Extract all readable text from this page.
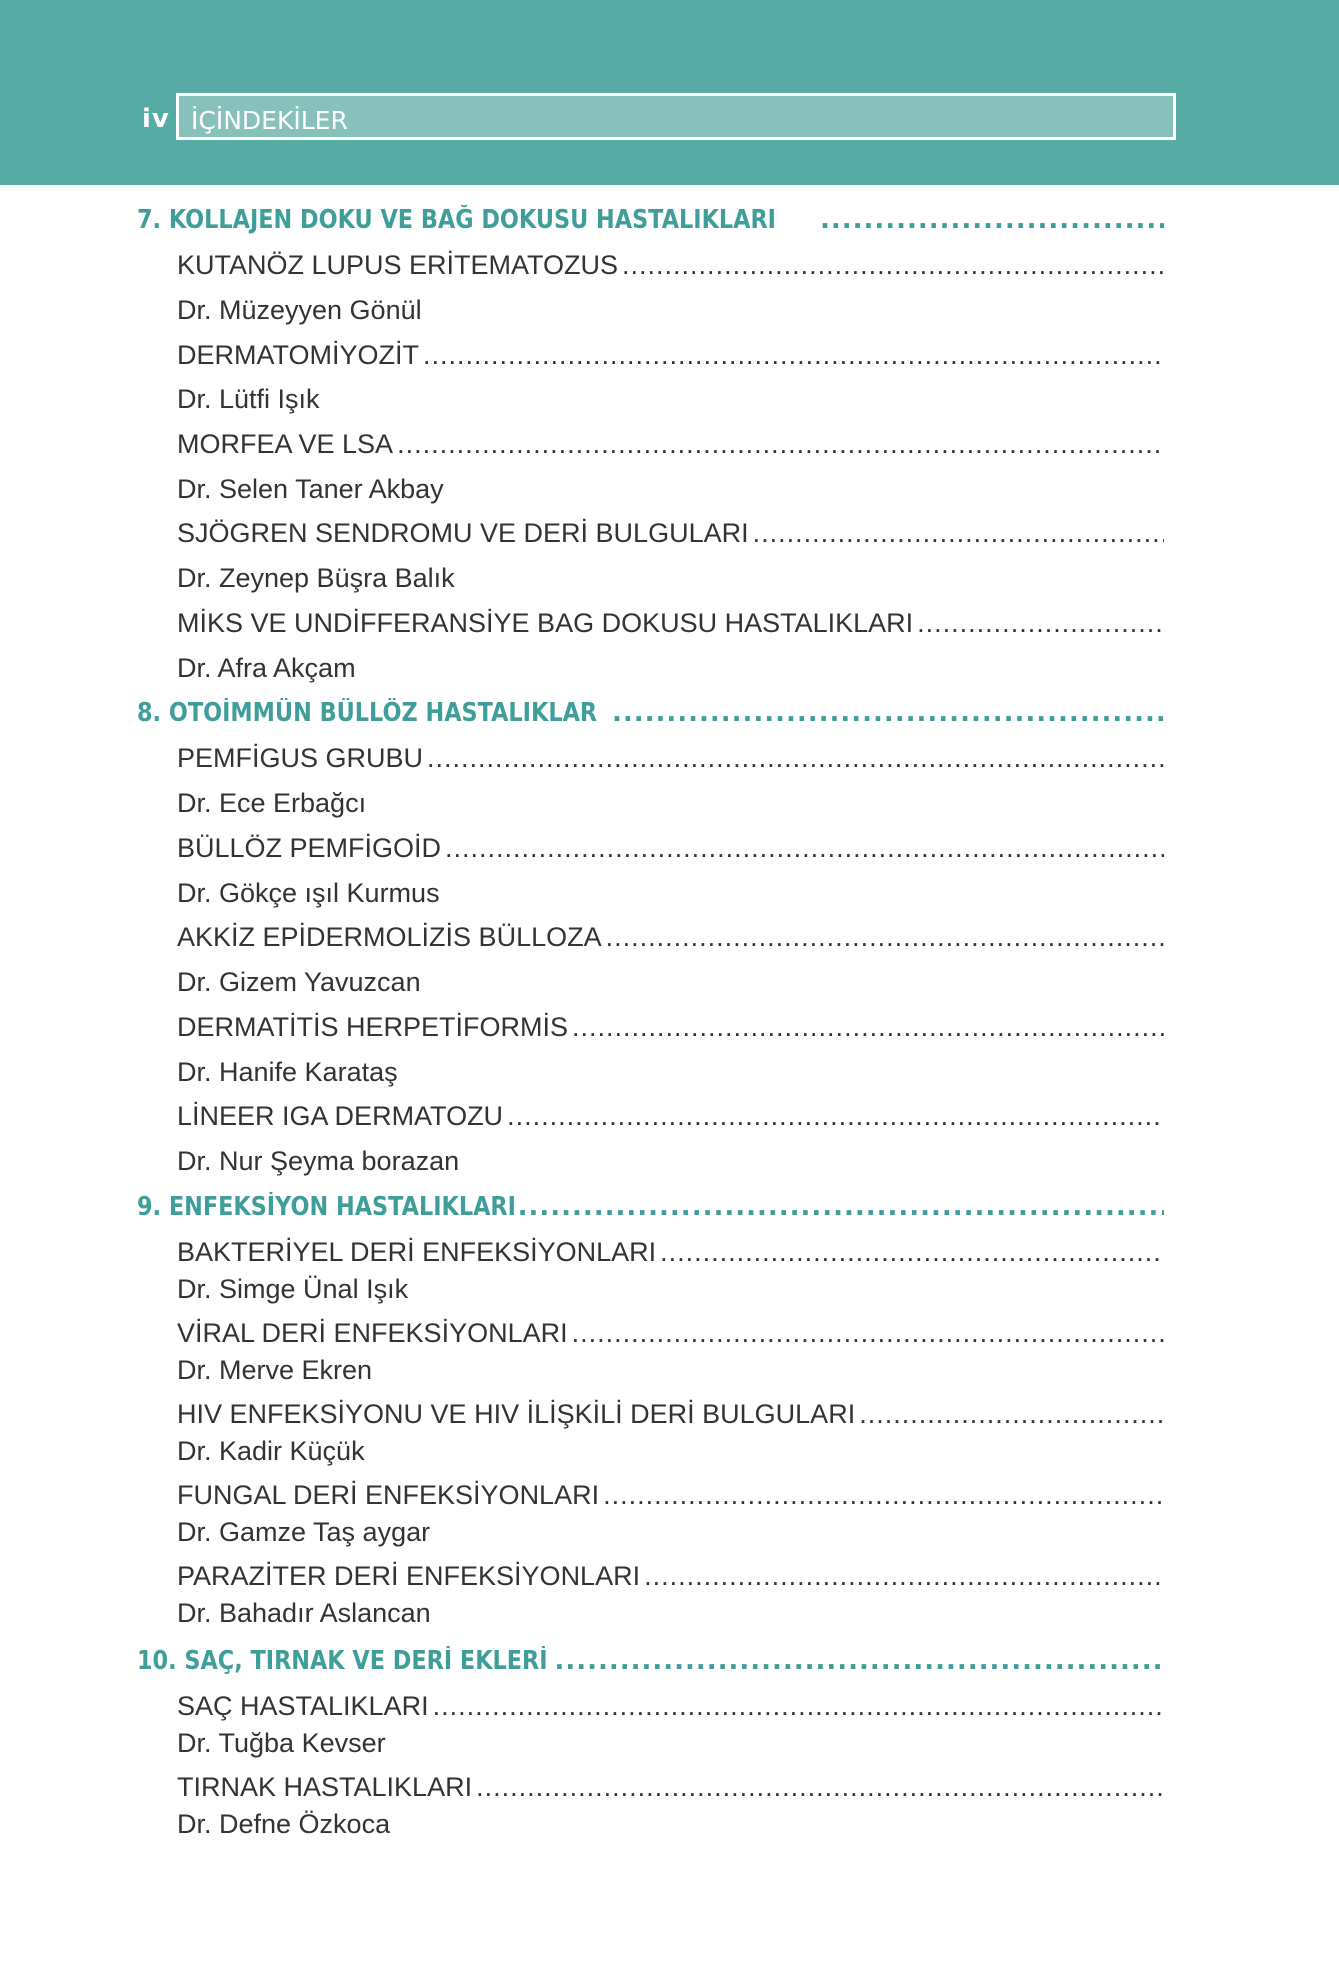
iv İÇİNDEKİLER
7. KOLLAJEN DOKU VE BAĞ DOKUSU HASTALIKLARI
.....
KUTANÖZ LUPUS ERİTEMATOZUS
.....
Dr. Müzeyyen Gönül
DERMATOMİYOZİT
.....
Dr. Lütfi Işık
MORFEA VE LSA
.....
Dr. Selen Taner Akbay
SJÖGREN SENDROMU VE DERİ BULGULARI
.....
Dr. Zeynep Büşra Balık
MİKS VE UNDİFFERANSİYE BAG DOKUSU HASTALIKLARI
.....
Dr. Afra Akçam
8. OTOİMMÜN BÜLLÖZ HASTALIKLAR
.....
PEMFİGUS GRUBU
.....
Dr. Ece Erbağcı
BÜLLÖZ PEMFİGOİD
.....
Dr. Gökçe ışıl Kurmus
AKKİZ EPİDERMOLİZİS BÜLLOZA
.....
Dr. Gizem Yavuzcan
DERMATİTİS HERPETİFORMİS
.....
Dr. Hanife Karataş
LİNEER IGA DERMATOZU
.....
Dr. Nur Şeyma borazan
9. ENFEKSİYON HASTALIKLARI
.....
BAKTERİYEL DERİ ENFEKSİYONLARI
.....
Dr. Simge Ünal Işık
VİRAL DERİ ENFEKSİYONLARI
.....
Dr. Merve Ekren
HIV ENFEKSİYONU VE HIV İLİŞKİLİ DERİ BULGULARI
.....
Dr. Kadir Küçük
FUNGAL DERİ ENFEKSİYONLARI
.....
Dr. Gamze Taş aygar
PARAZİTER DERİ ENFEKSİYONLARI
.....
Dr. Bahadır Aslancan
10. SAÇ, TIRNAK VE DERİ EKLERİ
.....
SAÇ HASTALIKLARI
.....
Dr. Tuğba Kevser
TIRNAK HASTALIKLARI
.....
Dr. Defne Özkoca
